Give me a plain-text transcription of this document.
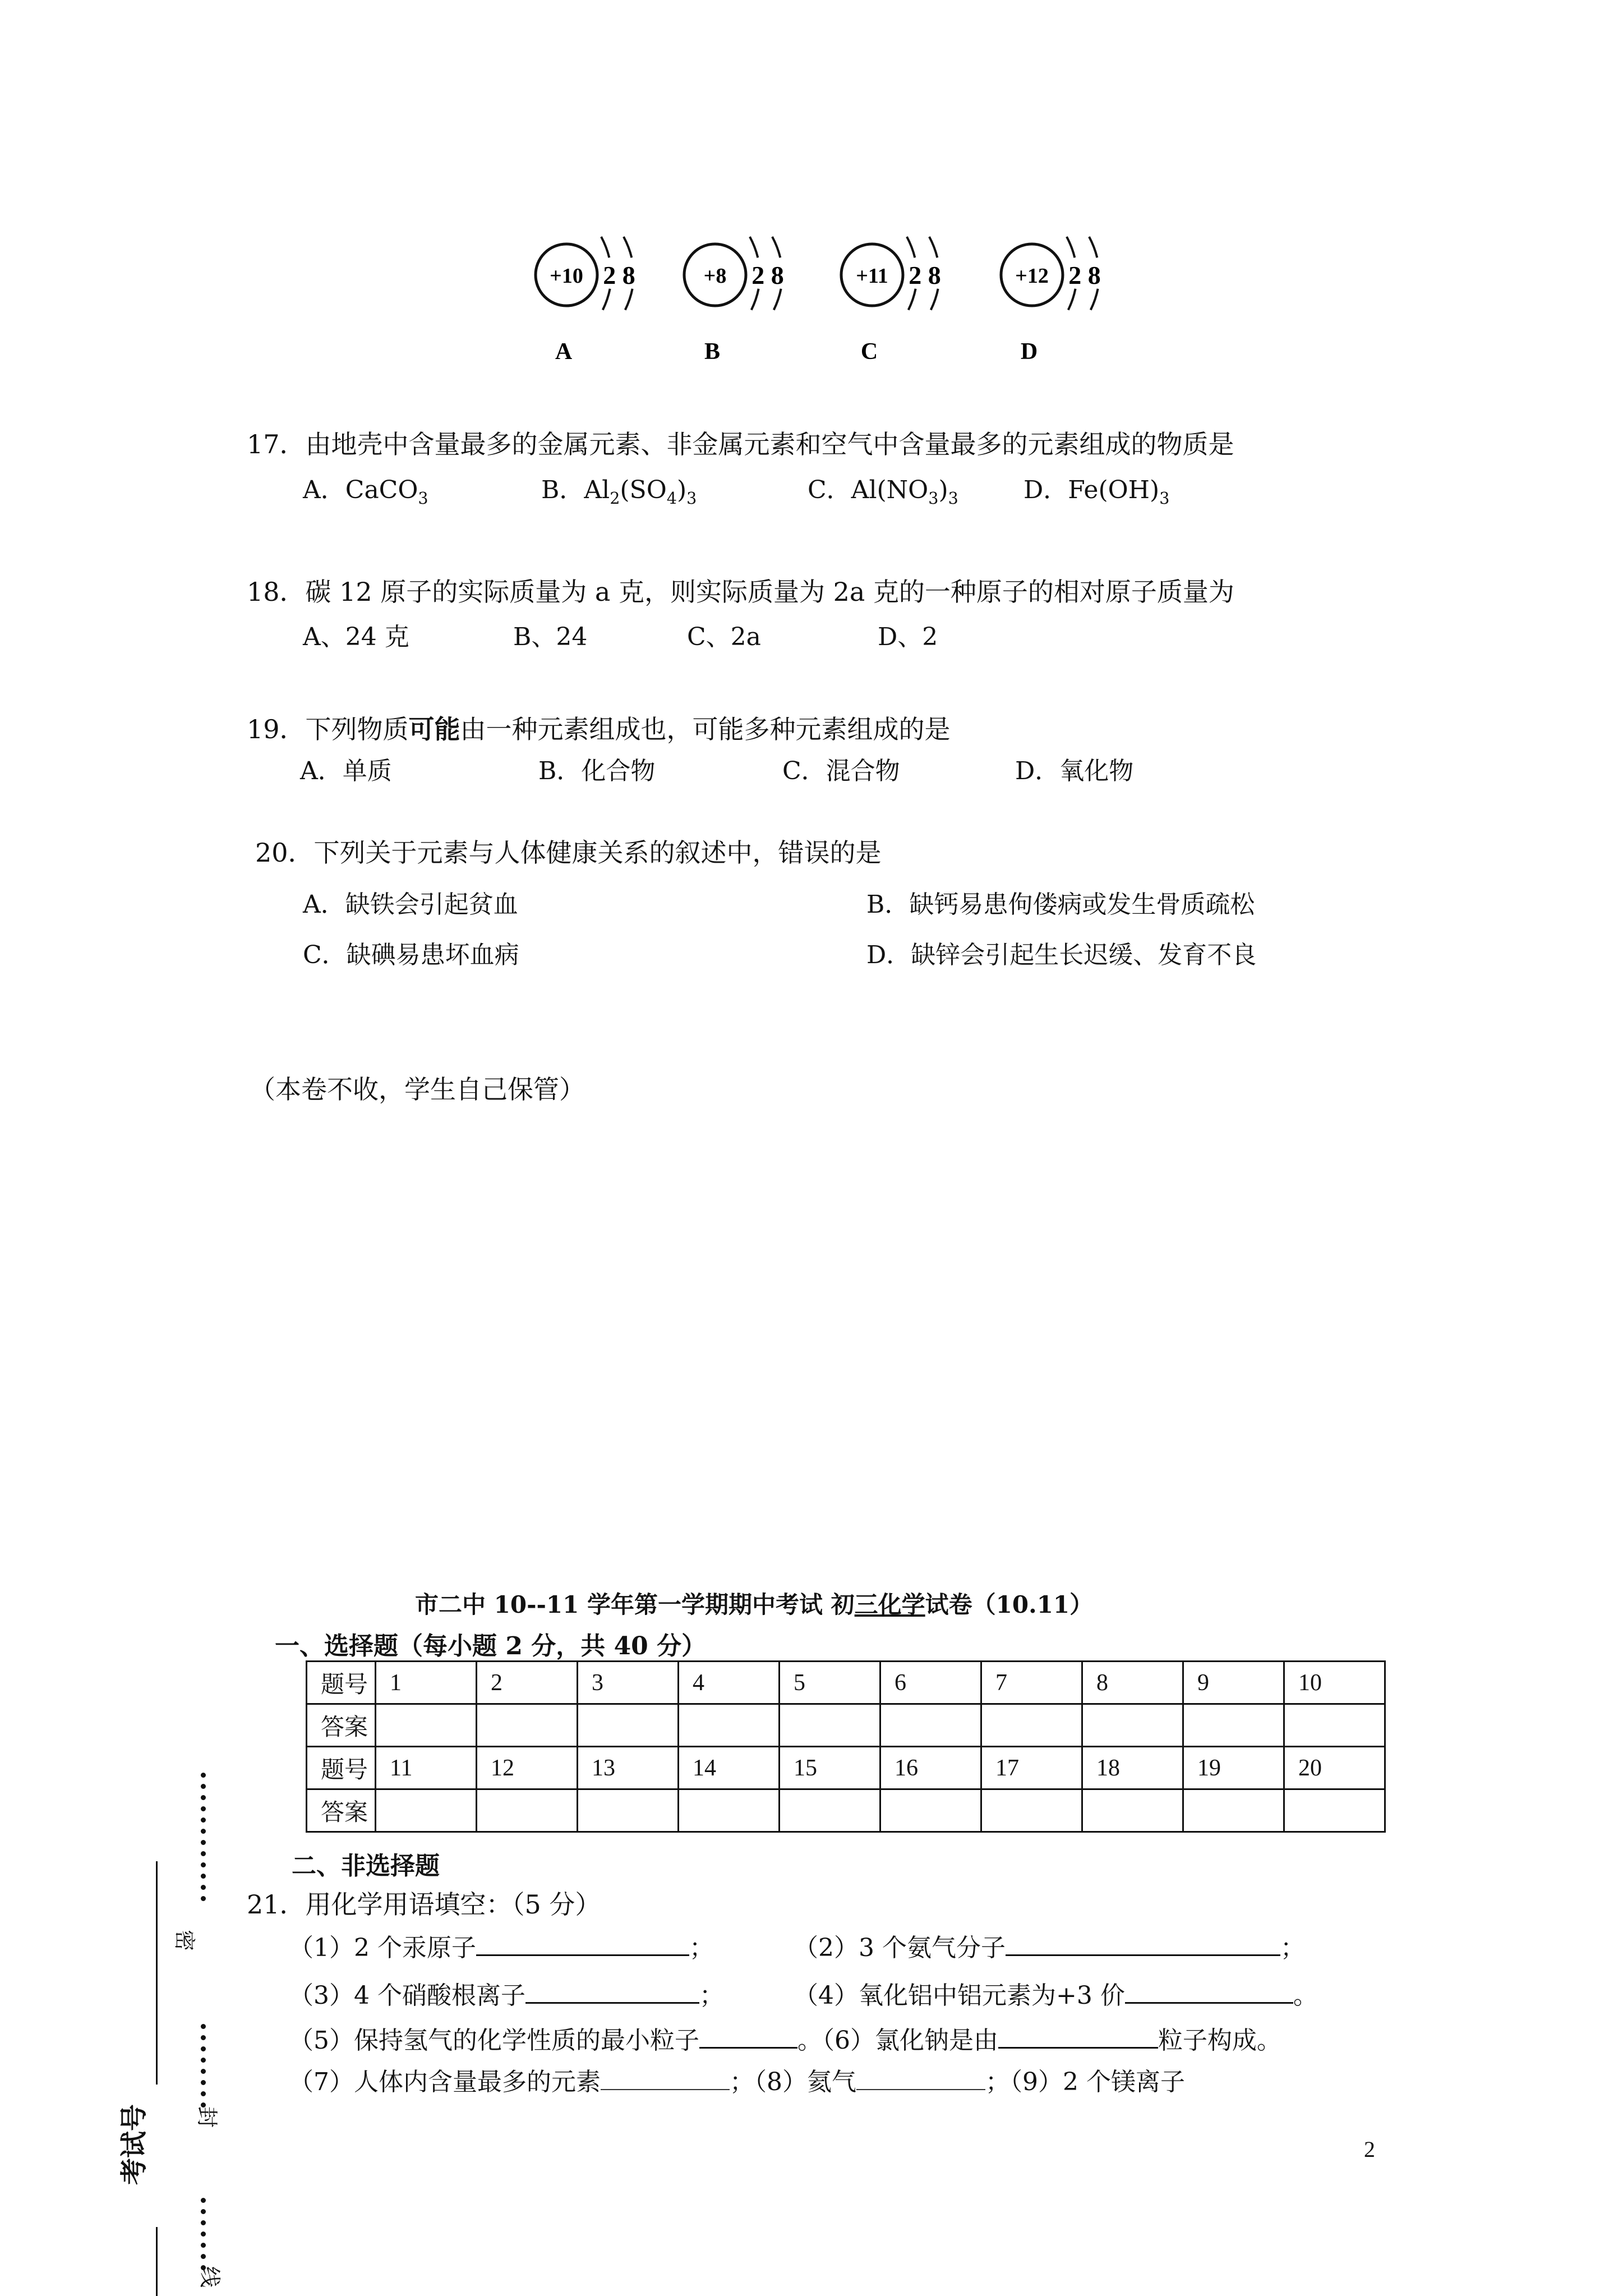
+10 2 8
A
+8 2 8
B
+11 2 8
C
+12 2 8
D
17．由地壳中含量最多的金属元素、非金属元素和空气中含量最多的元素组成的物质是
A．CaCO$_3$	B．$Al_2(SO_4)_3$	C．$Al(NO_3)_3$	D．$Fe(OH)_3$
18．碳 12 原子的实际质量为 a 克，则实际质量为 2a 克的一种原子的相对原子质量为
A、24 克	B、24	C、2a	D、2
19．下列物质可能由一种元素组成也，可能多种元素组成的是
A．单质	B．化合物	C．混合物	D．氧化物
20．下列关于元素与人体健康关系的叙述中，错误的是
A．缺铁会引起贫血	B．缺钙易患佝偻病或发生骨质疏松
C．缺碘易患坏血病	D．缺锌会引起生长迟缓、发育不良
（本卷不收，学生自己保管）
市二中 10--11 学年第一学期期中考试 初三化学试卷（10.11）
一、选择题（每小题 2 分，共 40 分）
题号	1	2	3	4	5	6	7	8	9	10
答案										
题号	11	12	13	14	15	16	17	18	19	20
答案										
二、非选择题
21．用化学用语填空：（5 分）
（1）2 个汞原子	；	（2）3 个氨气分子	；
（3）4 个硝酸根离子	；	（4）氧化铝中铝元素为+3 价	。
（5）保持氢气的化学性质的最小粒子	。（6）氯化钠是由	粒子构成。
（7）人体内含量最多的元素	；（8）氦气	；（9）2 个镁离子
密
封
线
考试号	2
